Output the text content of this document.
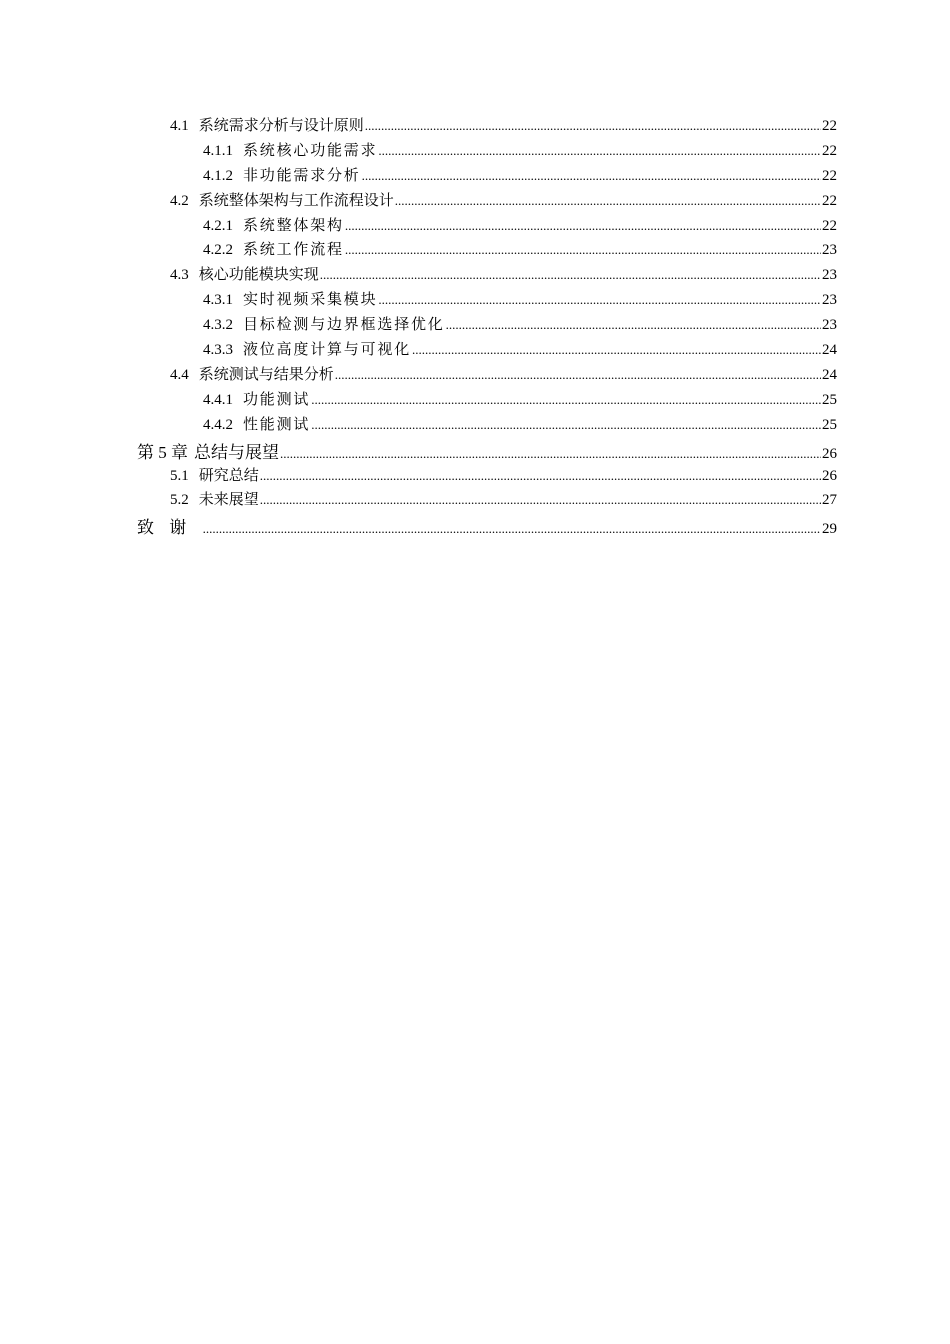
4.1 系统需求分析与设计原则 .....	22
4.1.1 系统核心功能需求 .....	22
4.1.2 非功能需求分析 .....	22
4.2 系统整体架构与工作流程设计 .....	22
4.2.1 系统整体架构 .....	22
4.2.2 系统工作流程 .....	23
4.3 核心功能模块实现 .....	23
4.3.1 实时视频采集模块 .....	23
4.3.2 目标检测与边界框选择优化 .....	23
4.3.3 液位高度计算与可视化 .....	24
4.4 系统测试与结果分析 .....	24
4.4.1 功能测试 .....	25
4.4.2 性能测试 .....	25
第 5 章 总结与展望 .....	26
5.1 研究总结 .....	26
5.2 未来展望 .....	27
致谢 .....	29
